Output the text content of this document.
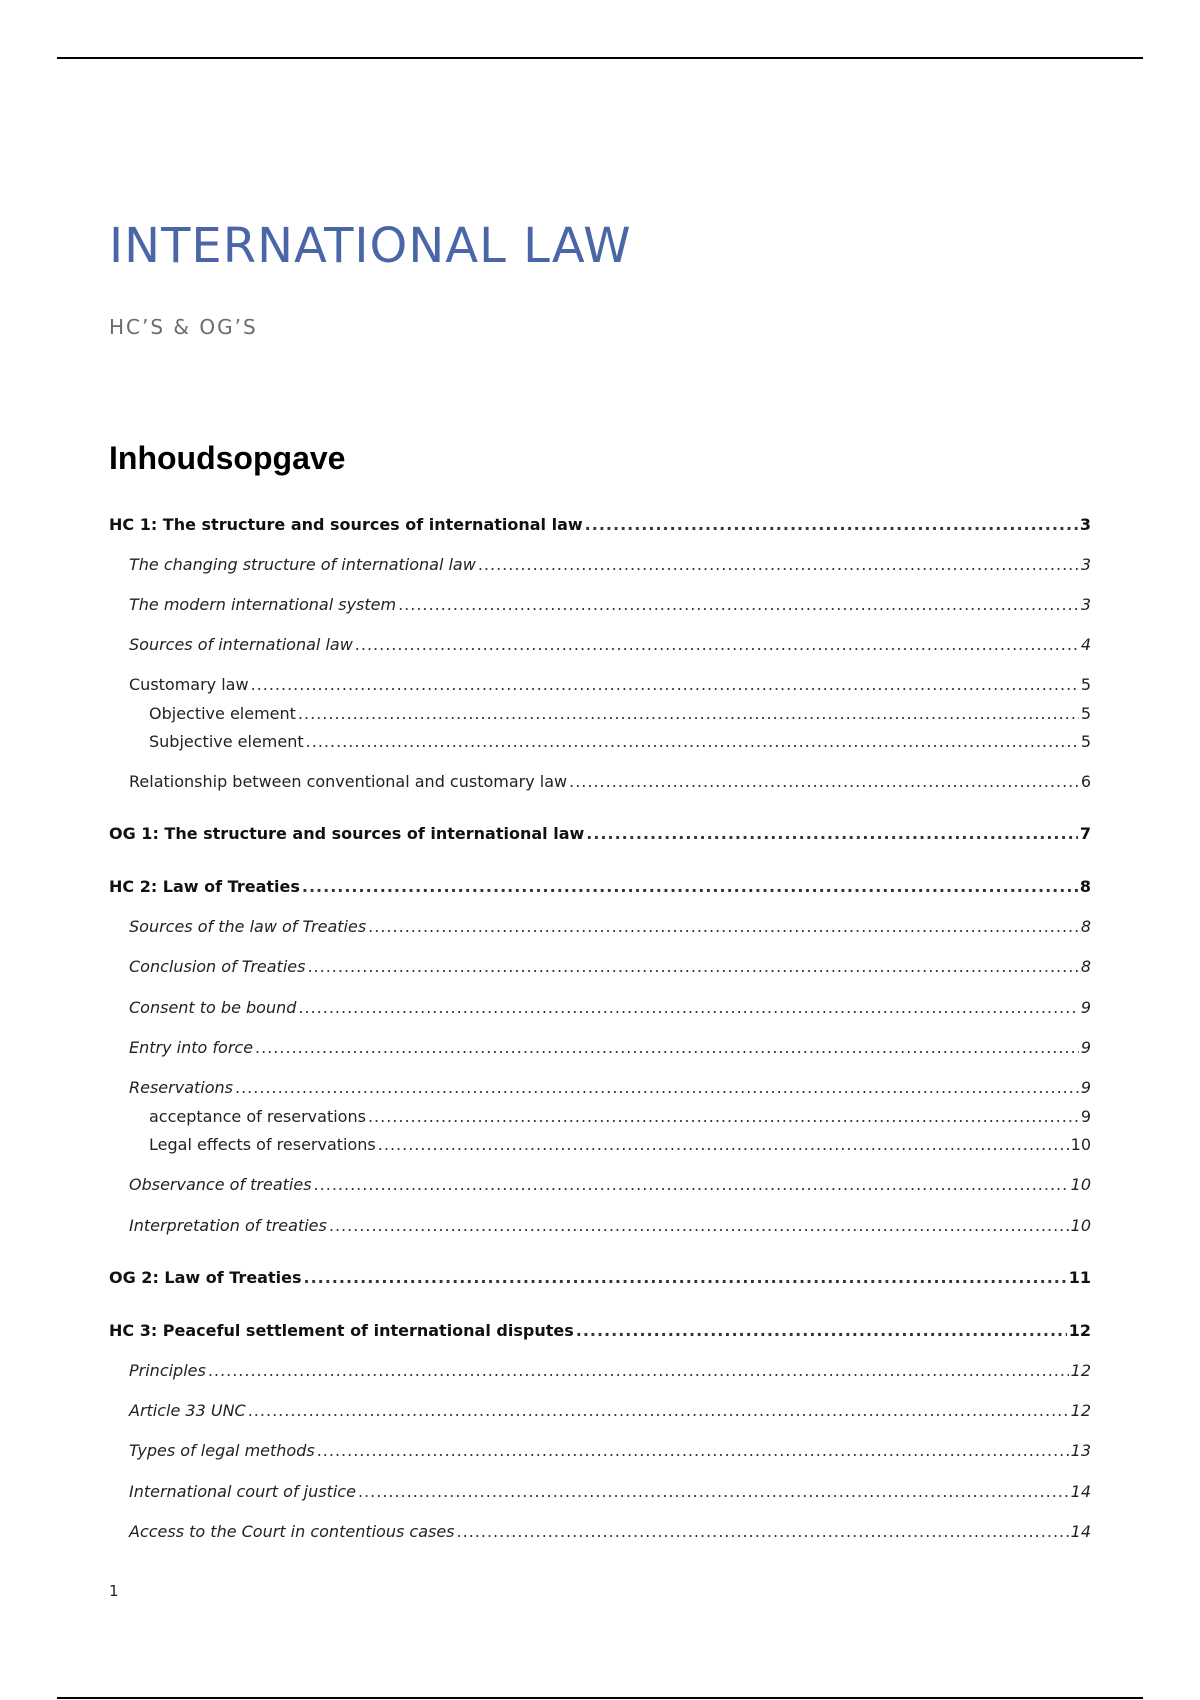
INTERNATIONAL LAW
HC’S & OG’S
Inhoudsopgave
HC 1: The structure and sources of international law .....	3
The changing structure of international law .....	3
The modern international system .....	3
Sources of international law .....	4
Customary law .....	5
Objective element .....	5
Subjective element .....	5
Relationship between conventional and customary law .....	6
OG 1: The structure and sources of international law .....	7
HC 2: Law of Treaties .....	8
Sources of the law of Treaties .....	8
Conclusion of Treaties .....	8
Consent to be bound .....	9
Entry into force .....	9
Reservations .....	9
acceptance of reservations .....	9
Legal effects of reservations .....	10
Observance of treaties .....	10
Interpretation of treaties .....	10
OG 2: Law of Treaties .....	11
HC 3: Peaceful settlement of international disputes .....	12
Principles .....	12
Article 33 UNC .....	12
Types of legal methods .....	13
International court of justice .....	14
Access to the Court in contentious cases .....	14
1
